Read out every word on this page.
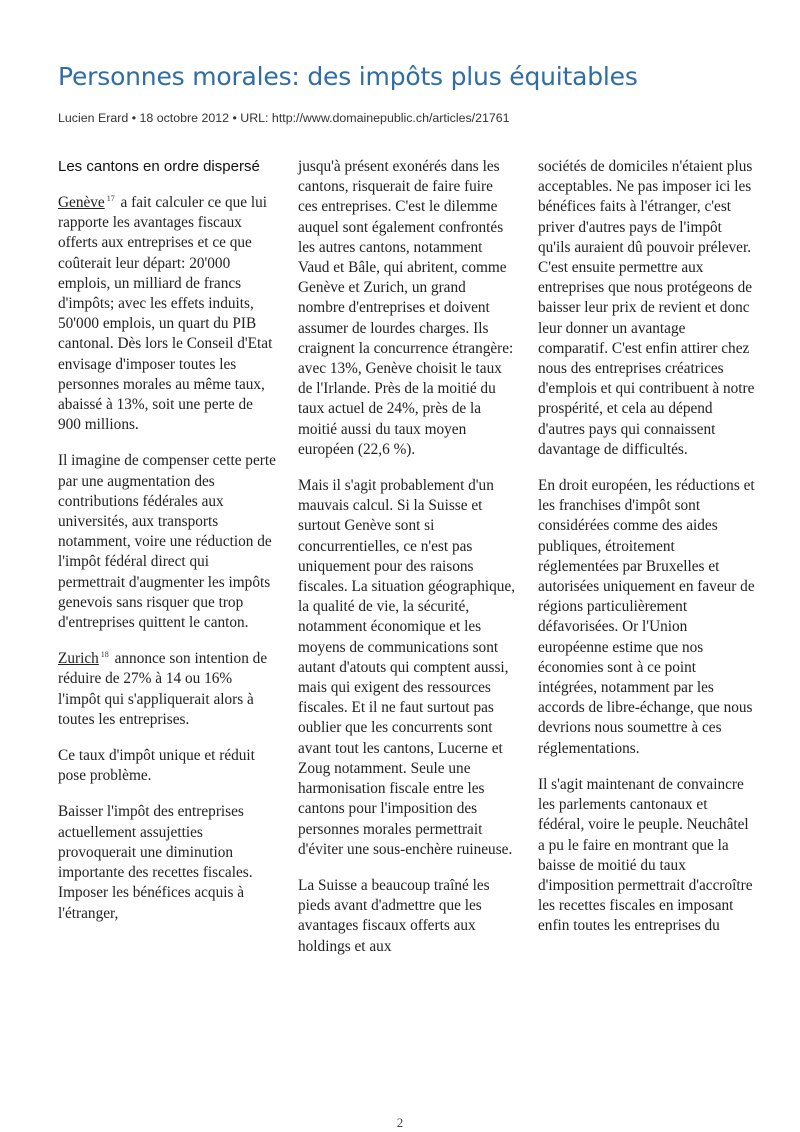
Personnes morales: des impôts plus équitables
Lucien Erard • 18 octobre 2012 • URL: http://www.domainepublic.ch/articles/21761
Les cantons en ordre dispersé

Genève $^{17}$ a fait calculer ce que lui rapporte les avantages fiscaux offerts aux entreprises et ce que coûterait leur départ: 20'000 emplois, un milliard de francs d'impôts; avec les effets induits, 50'000 emplois, un quart du PIB cantonal. Dès lors le Conseil d'Etat envisage d'imposer toutes les personnes morales au même taux, abaissé à 13%, soit une perte de 900 millions.

Il imagine de compenser cette perte par une augmentation des contributions fédérales aux universités, aux transports notamment, voire une réduction de l'impôt fédéral direct qui permettrait d'augmenter les impôts genevois sans risquer que trop d'entreprises quittent le canton.

Zurich $^{18}$ annonce son intention de réduire de 27% à 14 ou 16% l'impôt qui s'appliquerait alors à toutes les entreprises.

Ce taux d'impôt unique et réduit pose problème.

Baisser l'impôt des entreprises actuellement assujetties provoquerait une diminution importante des recettes fiscales. Imposer les bénéfices acquis à l'étranger,

jusqu'à présent exonérés dans les cantons, risquerait de faire fuire ces entreprises. C'est le dilemme auquel sont également confrontés les autres cantons, notamment Vaud et Bâle, qui abritent, comme Genève et Zurich, un grand nombre d'entreprises et doivent assumer de lourdes charges. Ils craignent la concurrence étrangère: avec 13%, Genève choisit le taux de l'Irlande. Près de la moitié du taux actuel de 24%, près de la moitié aussi du taux moyen européen (22,6 %).

Mais il s'agit probablement d'un mauvais calcul. Si la Suisse et surtout Genève sont si concurrentielles, ce n'est pas uniquement pour des raisons fiscales. La situation géographique, la qualité de vie, la sécurité, notamment économique et les moyens de communications sont autant d'atouts qui comptent aussi, mais qui exigent des ressources fiscales. Et il ne faut surtout pas oublier que les concurrents sont avant tout les cantons, Lucerne et Zoug notamment. Seule une harmonisation fiscale entre les cantons pour l'imposition des personnes morales permettrait d'éviter une sous-enchère ruineuse.

La Suisse a beaucoup traîné les pieds avant d'admettre que les avantages fiscaux offerts aux holdings et aux

sociétés de domiciles n'étaient plus acceptables. Ne pas imposer ici les bénéfices faits à l'étranger, c'est priver d'autres pays de l'impôt qu'ils auraient dû pouvoir prélever. C'est ensuite permettre aux entreprises que nous protégeons de baisser leur prix de revient et donc leur donner un avantage comparatif. C'est enfin attirer chez nous des entreprises créatrices d'emplois et qui contribuent à notre prospérité, et cela au dépend d'autres pays qui connaissent davantage de difficultés.

En droit européen, les réductions et les franchises d'impôt sont considérées comme des aides publiques, étroitement réglementées par Bruxelles et autorisées uniquement en faveur de régions particulièrement défavorisées. Or l'Union européenne estime que nos économies sont à ce point intégrées, notamment par les accords de libre-échange, que nous devrions nous soumettre à ces réglementations.

Il s'agit maintenant de convaincre les parlements cantonaux et fédéral, voire le peuple. Neuchâtel a pu le faire en montrant que la baisse de moitié du taux d'imposition permettrait d'accroître les recettes fiscales en imposant enfin toutes les entreprises du

2
